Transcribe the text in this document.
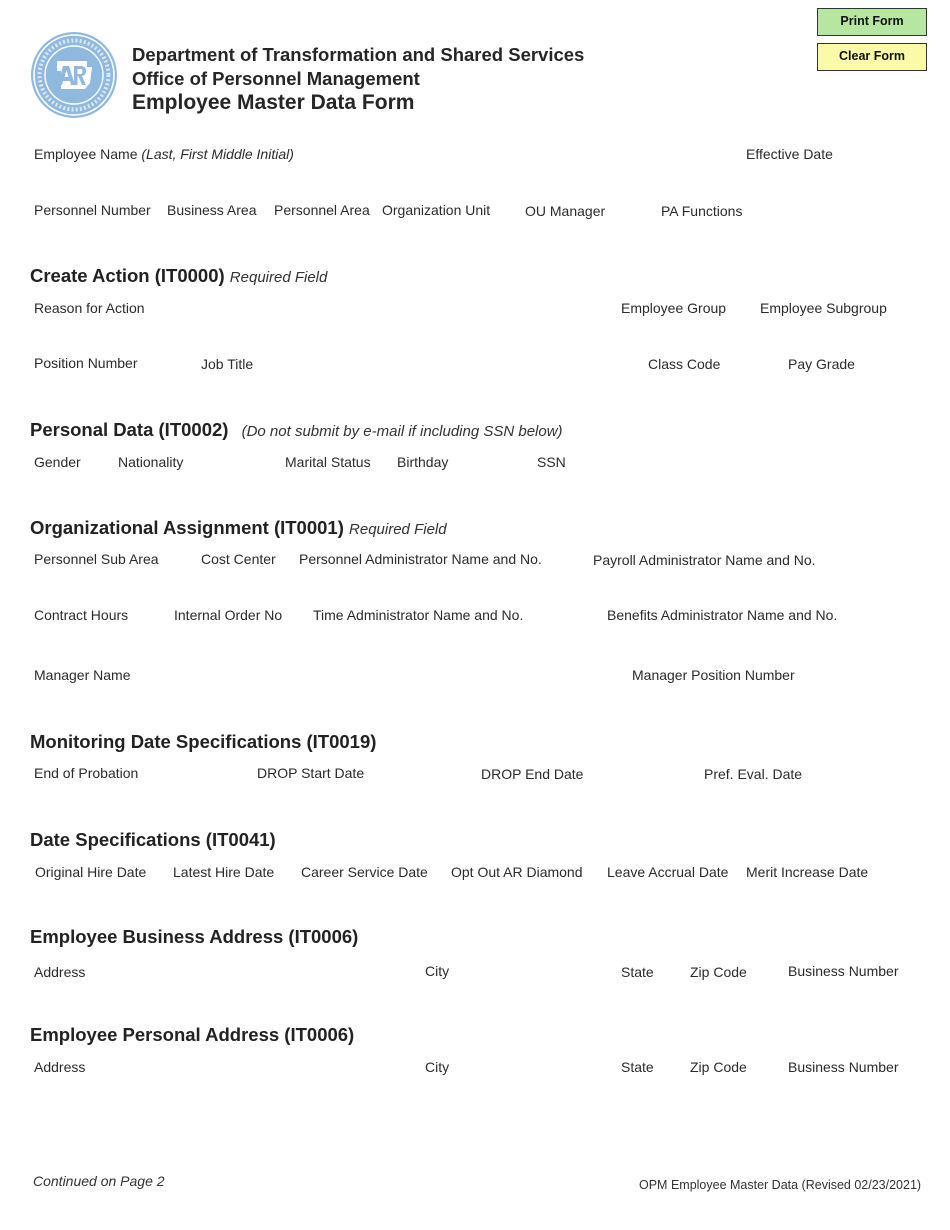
Print Form
Clear Form
Department of Transformation and Shared Services
Office of Personnel Management
Employee Master Data Form
Employee Name (Last, First Middle Initial)	Effective Date
Personnel Number Business Area Personnel Area Organization Unit OU Manager	PA Functions
Create Action (IT0000) Required Field
Reason for Action	Employee Group Employee Subgroup
Position Number	Job Title	Class Code	Pay Grade
Personal Data (IT0002) (Do not submit by e-mail if including SSN below)
Gender	Nationality	Marital Status Birthday	SSN
Organizational Assignment (IT0001) Required Field
Personnel Sub Area	Cost Center Personnel Administrator Name and No.	Payroll Administrator Name and No.
Contract Hours	Internal Order No Time Administrator Name and No.	Benefits Administrator Name and No.
Manager Name	Manager Position Number
Monitoring Date Specifications (IT0019)
End of Probation	DROP Start Date	DROP End Date	Pref. Eval. Date
Date Specifications (IT0041)
Original Hire Date Latest Hire Date Career Service Date Opt Out AR Diamond Leave Accrual Date Merit Increase Date
Employee Business Address (IT0006)
Address	City	State	Zip Code	Business Number
Employee Personal Address (IT0006)
Address	City	State	Zip Code	Business Number
Continued on Page 2	OPM Employee Master Data (Revised 02/23/2021)
